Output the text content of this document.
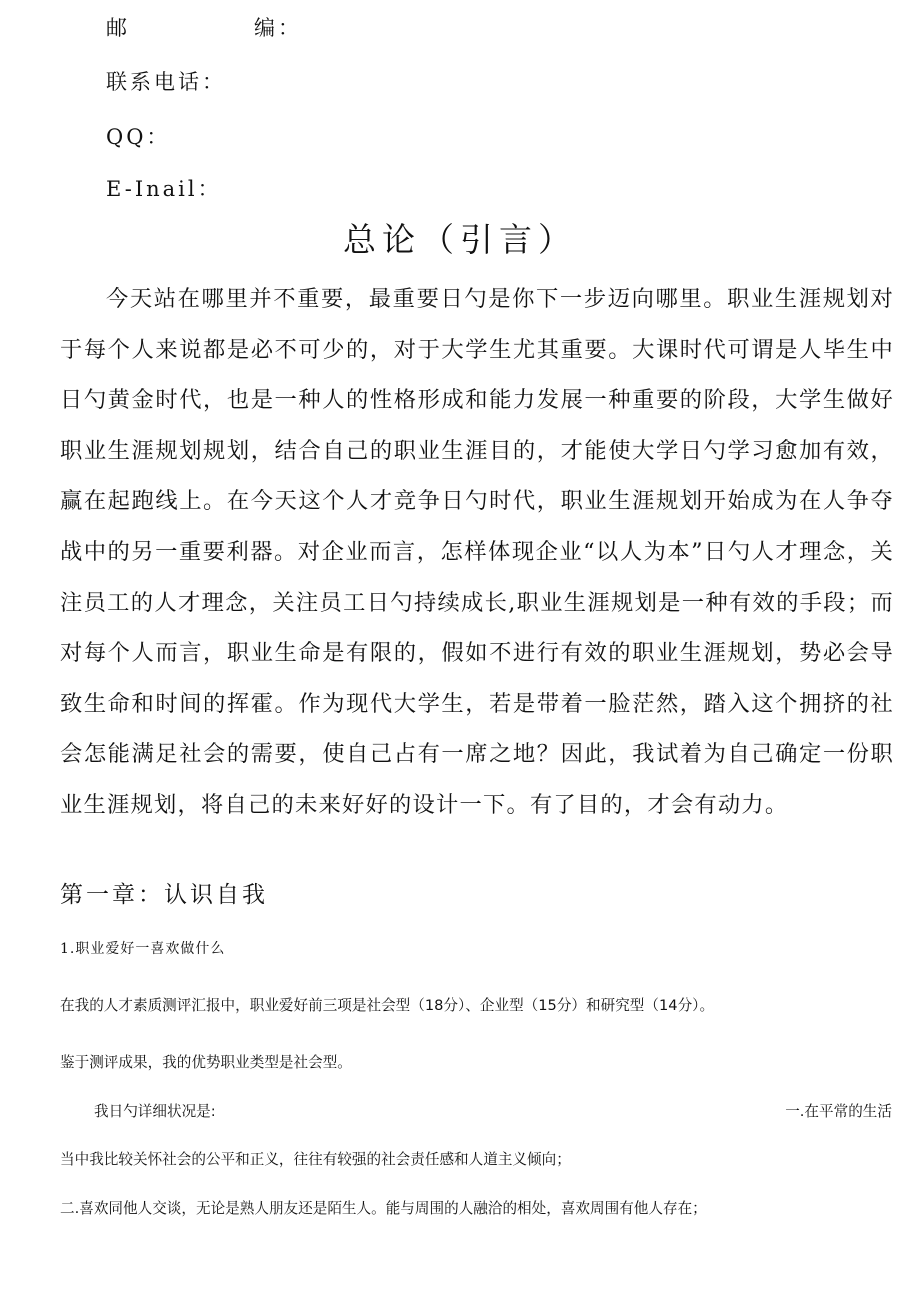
邮	编：
联系电话：
QQ：
E-Inail：
总论（引言）

今天站在哪里并不重要，最重要日勺是你下一步迈向哪里。职业生涯规划对于每个人来说都是必不可少的，对于大学生尤其重要。大课时代可谓是人毕生中日勺黄金时代，也是一种人的性格形成和能力发展一种重要的阶段，大学生做好职业生涯规划规划，结合自己的职业生涯目的，才能使大学日勺学习愈加有效，赢在起跑线上。在今天这个人才竞争日勺时代，职业生涯规划开始成为在人争夺战中的另一重要利器。对企业而言，怎样体现企业“以人为本”日勺人才理念，关注员工的人才理念，关注员工日勺持续成长,职业生涯规划是一种有效的手段；而对每个人而言，职业生命是有限的，假如不进行有效的职业生涯规划，势必会导致生命和时间的挥霍。作为现代大学生，若是带着一脸茫然，踏入这个拥挤的社会怎能满足社会的需要，使自己占有一席之地？因此，我试着为自己确定一份职业生涯规划，将自己的未来好好的设计一下。有了目的，才会有动力。

第一章：认识自我
1.职业爱好一喜欢做什么

在我的人才素质测评汇报中，职业爱好前三项是社会型（18分）、企业型（15分）和研究型（14分）。

鉴于测评成果，我的优势职业类型是社会型。

我日勺详细状况是:	一.在平常的生活

当中我比较关怀社会的公平和正义，往往有较强的社会责任感和人道主义倾向；

二.喜欢同他人交谈，无论是熟人朋友还是陌生人。能与周围的人融洽的相处，喜欢周围有他人存在；
